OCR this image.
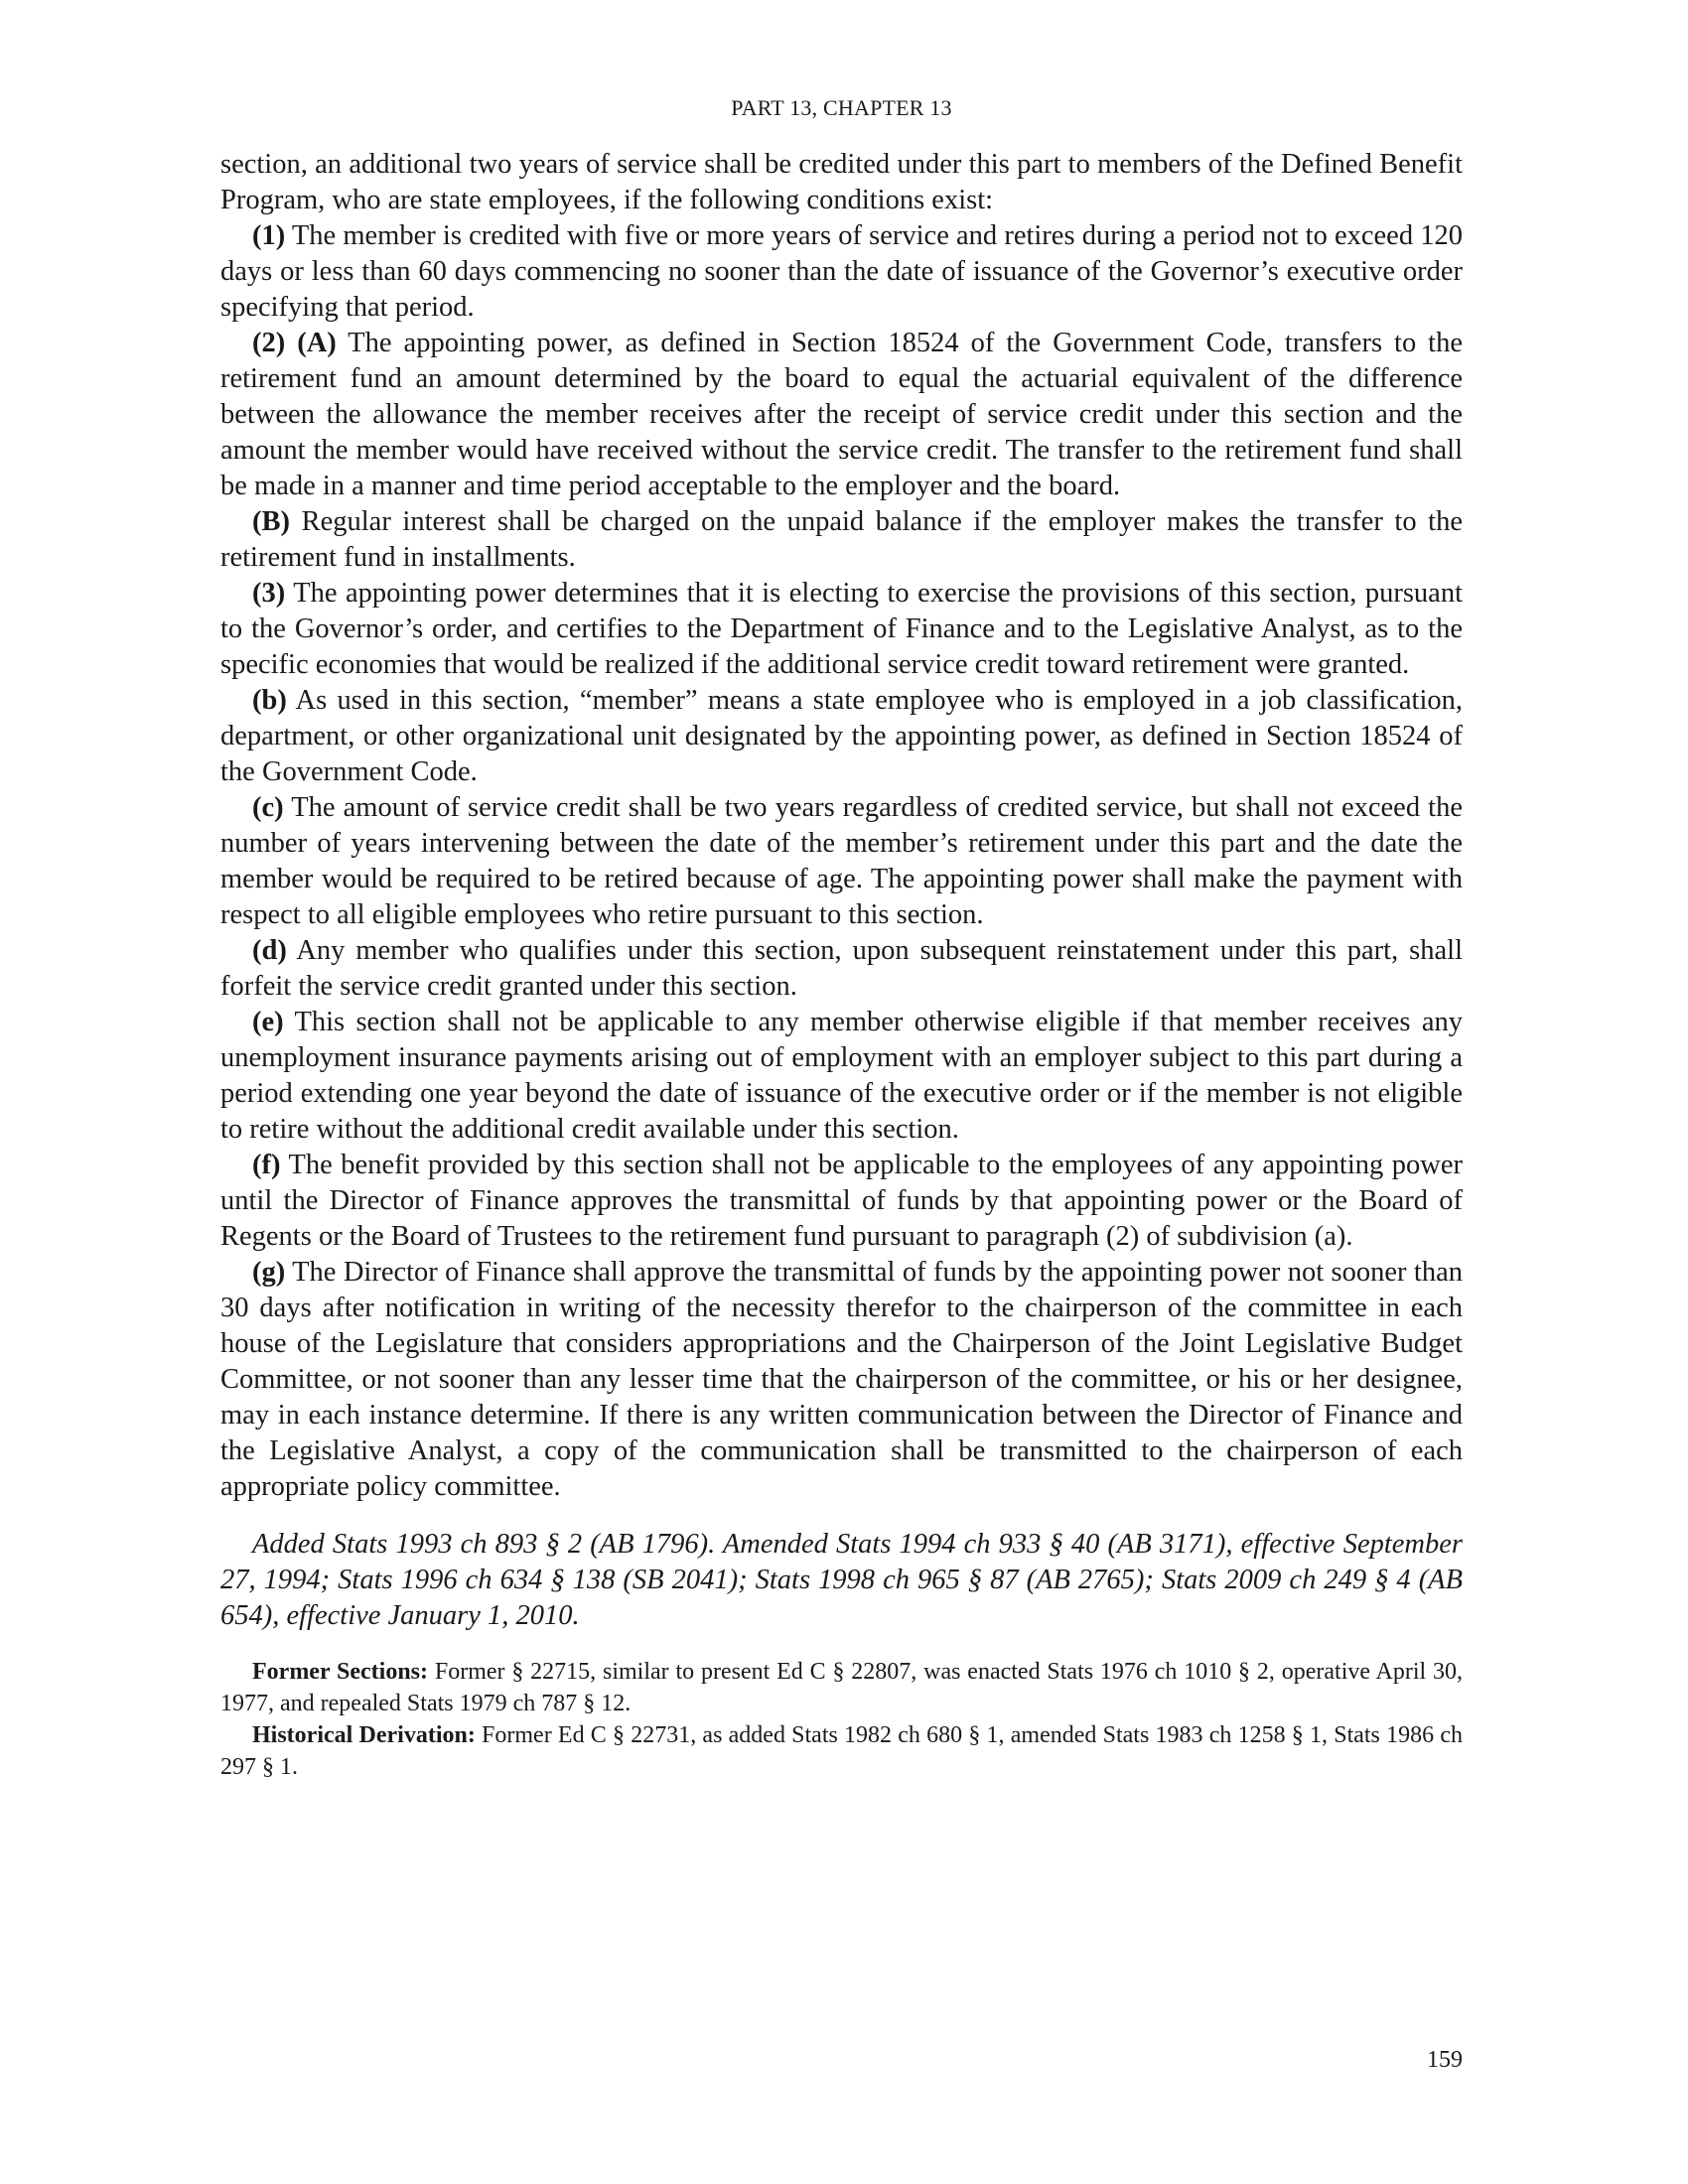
PART 13, CHAPTER 13

section, an additional two years of service shall be credited under this part to members of the Defined Benefit Program, who are state employees, if the following conditions exist:

(1) The member is credited with five or more years of service and retires during a period not to exceed 120 days or less than 60 days commencing no sooner than the date of issuance of the Governor’s executive order specifying that period.

(2) (A) The appointing power, as defined in Section 18524 of the Government Code, transfers to the retirement fund an amount determined by the board to equal the actuarial equivalent of the difference between the allowance the member receives after the receipt of service credit under this section and the amount the member would have received without the service credit. The transfer to the retirement fund shall be made in a manner and time period acceptable to the employer and the board.

(B) Regular interest shall be charged on the unpaid balance if the employer makes the transfer to the retirement fund in installments.

(3) The appointing power determines that it is electing to exercise the provisions of this section, pursuant to the Governor’s order, and certifies to the Department of Finance and to the Legislative Analyst, as to the specific economies that would be realized if the additional service credit toward retirement were granted.

(b) As used in this section, “member” means a state employee who is employed in a job classification, department, or other organizational unit designated by the appointing power, as defined in Section 18524 of the Government Code.

(c) The amount of service credit shall be two years regardless of credited service, but shall not exceed the number of years intervening between the date of the member’s retirement under this part and the date the member would be required to be retired because of age. The appointing power shall make the payment with respect to all eligible employees who retire pursuant to this section.

(d) Any member who qualifies under this section, upon subsequent reinstatement under this part, shall forfeit the service credit granted under this section.

(e) This section shall not be applicable to any member otherwise eligible if that member receives any unemployment insurance payments arising out of employment with an employer subject to this part during a period extending one year beyond the date of issuance of the executive order or if the member is not eligible to retire without the additional credit available under this section.

(f) The benefit provided by this section shall not be applicable to the employees of any appointing power until the Director of Finance approves the transmittal of funds by that appointing power or the Board of Regents or the Board of Trustees to the retirement fund pursuant to paragraph (2) of subdivision (a).

(g) The Director of Finance shall approve the transmittal of funds by the appointing power not sooner than 30 days after notification in writing of the necessity therefor to the chairperson of the committee in each house of the Legislature that considers appropriations and the Chairperson of the Joint Legislative Budget Committee, or not sooner than any lesser time that the chairperson of the committee, or his or her designee, may in each instance determine. If there is any written communication between the Director of Finance and the Legislative Analyst, a copy of the communication shall be transmitted to the chairperson of each appropriate policy committee.

Added Stats 1993 ch 893 § 2 (AB 1796). Amended Stats 1994 ch 933 § 40 (AB 3171), effective September 27, 1994; Stats 1996 ch 634 § 138 (SB 2041); Stats 1998 ch 965 § 87 (AB 2765); Stats 2009 ch 249 § 4 (AB 654), effective January 1, 2010.

Former Sections: Former § 22715, similar to present Ed C § 22807, was enacted Stats 1976 ch 1010 § 2, operative April 30, 1977, and repealed Stats 1979 ch 787 § 12.

Historical Derivation: Former Ed C § 22731, as added Stats 1982 ch 680 § 1, amended Stats 1983 ch 1258 § 1, Stats 1986 ch 297 § 1.

159
